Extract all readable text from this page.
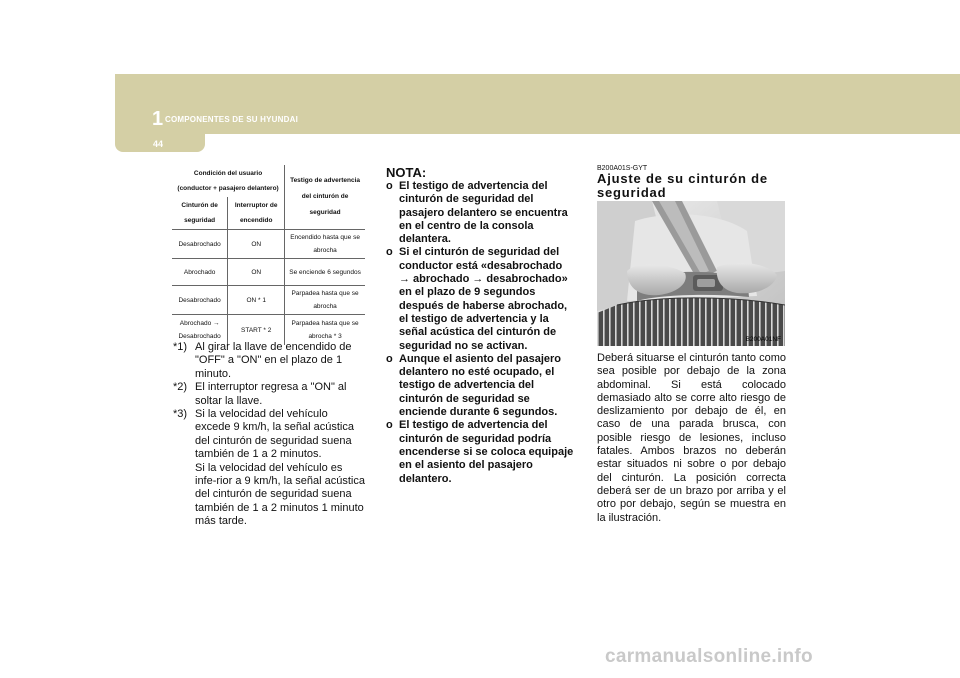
1 COMPONENTES DE SU HYUNDAI
44
Condición del usuario
(conductor + pasajero delantero)		Testigo de advertencia
del cinturón de
seguridad
Cinturón de
seguridad	Interruptor de
encendido	
Desabrochado	ON	Encendido hasta que se
abrocha
Abrochado	ON	Se enciende 6 segundos
Desabrochado	ON * 1	Parpadea hasta que se
abrocha
Abrochado →
Desabrochado	START * 2	Parpadea hasta que se
abrocha * 3

*1) Al girar la llave de encendido de "OFF" a "ON" en el plazo de 1 minuto.

*2) El interruptor regresa a "ON" al soltar la llave.

*3) Si la velocidad del vehículo excede 9 km/h, la señal acústica del cinturón de seguridad suena también de 1 a 2 minutos.
Si la velocidad del vehículo es infe-rior a 9 km/h, la señal acústica del cinturón de seguridad suena también de 1 a 2 minutos 1 minuto más tarde.

NOTA:

o El testigo de advertencia del cinturón de seguridad del pasajero delantero se encuentra en el centro de la consola delantera.

o Si el cinturón de seguridad del conductor está «desabrochado → abrochado → desabrochado» en el plazo de 9 segundos después de haberse abrochado, el testigo de advertencia y la señal acústica del cinturón de seguridad no se activan.

o Aunque el asiento del pasajero delantero no esté ocupado, el testigo de advertencia del cinturón de seguridad se enciende durante 6 segundos.

o El testigo de advertencia del cinturón de seguridad podría encenderse si se coloca equipaje en el asiento del pasajero delantero.

B200A01S-GYT
Ajuste de su cinturón de seguridad
B200A01NF
Deberá situarse el cinturón tanto como sea posible por debajo de la zona abdominal. Si está colocado demasiado alto se corre alto riesgo de deslizamiento por debajo de él, en caso de una parada brusca, con posible riesgo de lesiones, incluso fatales. Ambos brazos no deberán estar situados ni sobre o por debajo del cinturón. La posición correcta deberá ser de un brazo por arriba y el otro por debajo, según se muestra en la ilustración.
carmanualsonline.info
